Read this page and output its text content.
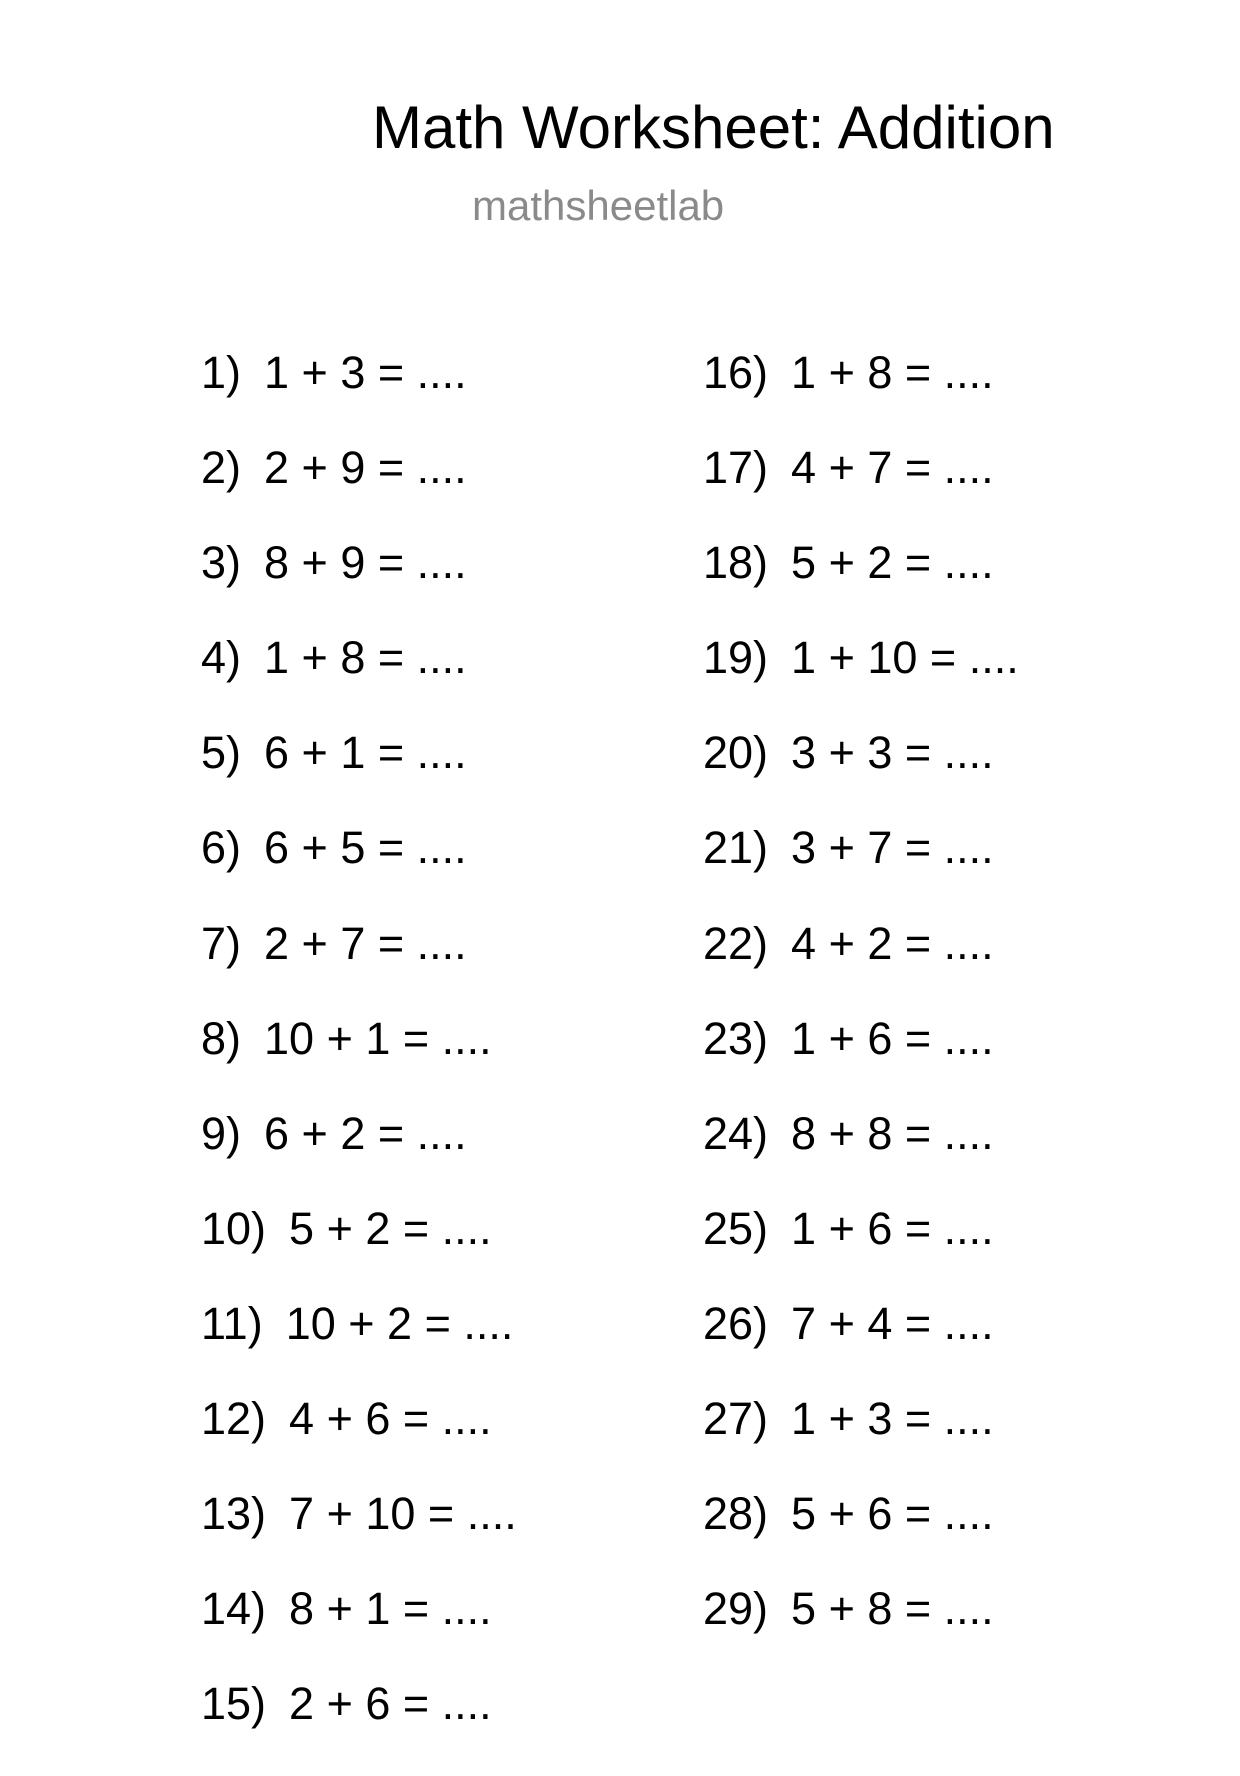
Math Worksheet: Addition
mathsheetlab
1) 1 + 3 = ....
2) 2 + 9 = ....
3) 8 + 9 = ....
4) 1 + 8 = ....
5) 6 + 1 = ....
6) 6 + 5 = ....
7) 2 + 7 = ....
8) 10 + 1 = ....
9) 6 + 2 = ....
10) 5 + 2 = ....
11) 10 + 2 = ....
12) 4 + 6 = ....
13) 7 + 10 = ....
14) 8 + 1 = ....
15) 2 + 6 = ....
16) 1 + 8 = ....
17) 4 + 7 = ....
18) 5 + 2 = ....
19) 1 + 10 = ....
20) 3 + 3 = ....
21) 3 + 7 = ....
22) 4 + 2 = ....
23) 1 + 6 = ....
24) 8 + 8 = ....
25) 1 + 6 = ....
26) 7 + 4 = ....
27) 1 + 3 = ....
28) 5 + 6 = ....
29) 5 + 8 = ....
